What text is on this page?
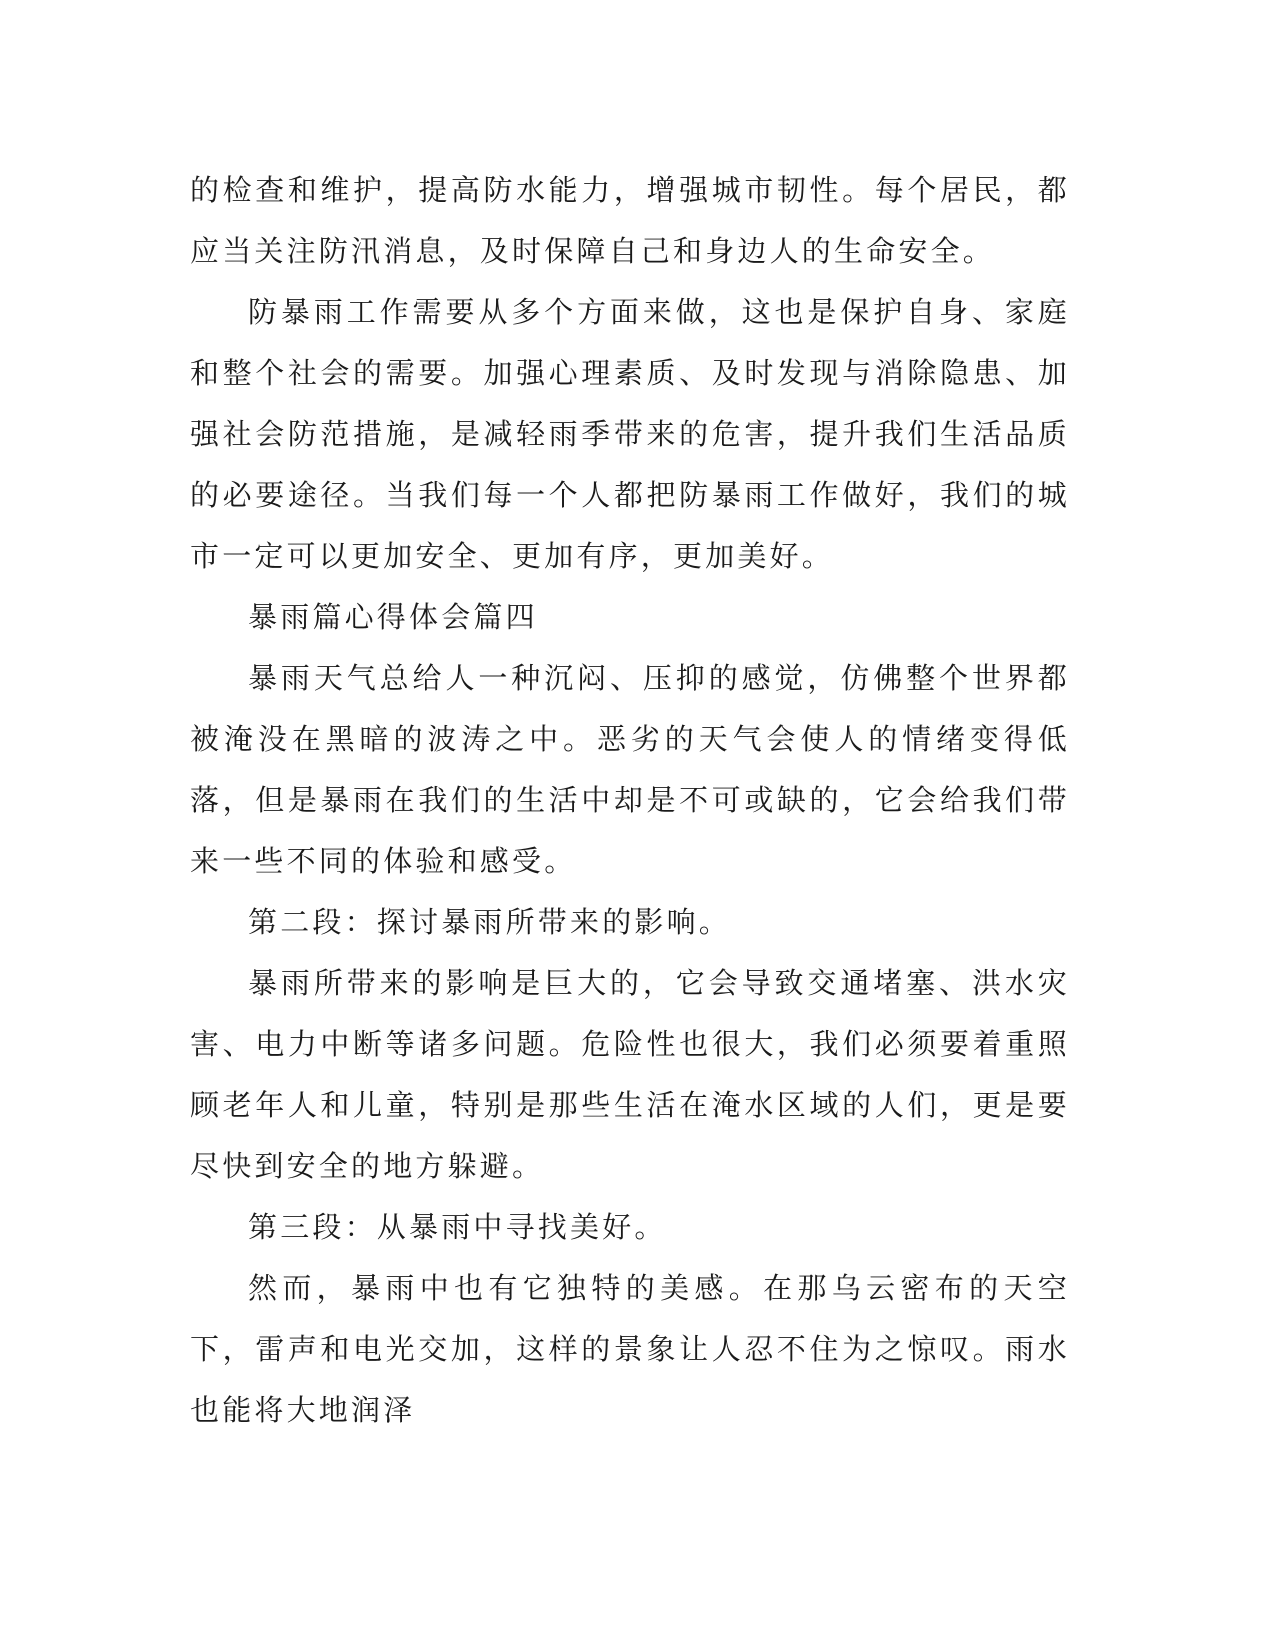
的检查和维护，提高防水能力，增强城市韧性。每个居民，都应当关注防汛消息，及时保障自己和身边人的生命安全。

防暴雨工作需要从多个方面来做，这也是保护自身、家庭和整个社会的需要。加强心理素质、及时发现与消除隐患、加强社会防范措施，是减轻雨季带来的危害，提升我们生活品质的必要途径。当我们每一个人都把防暴雨工作做好，我们的城市一定可以更加安全、更加有序，更加美好。

暴雨篇心得体会篇四

暴雨天气总给人一种沉闷、压抑的感觉，仿佛整个世界都被淹没在黑暗的波涛之中。恶劣的天气会使人的情绪变得低落，但是暴雨在我们的生活中却是不可或缺的，它会给我们带来一些不同的体验和感受。

第二段：探讨暴雨所带来的影响。

暴雨所带来的影响是巨大的，它会导致交通堵塞、洪水灾害、电力中断等诸多问题。危险性也很大，我们必须要着重照顾老年人和儿童，特别是那些生活在淹水区域的人们，更是要尽快到安全的地方躲避。

第三段：从暴雨中寻找美好。

然而，暴雨中也有它独特的美感。在那乌云密布的天空下，雷声和电光交加，这样的景象让人忍不住为之惊叹。雨水也能将大地润泽
